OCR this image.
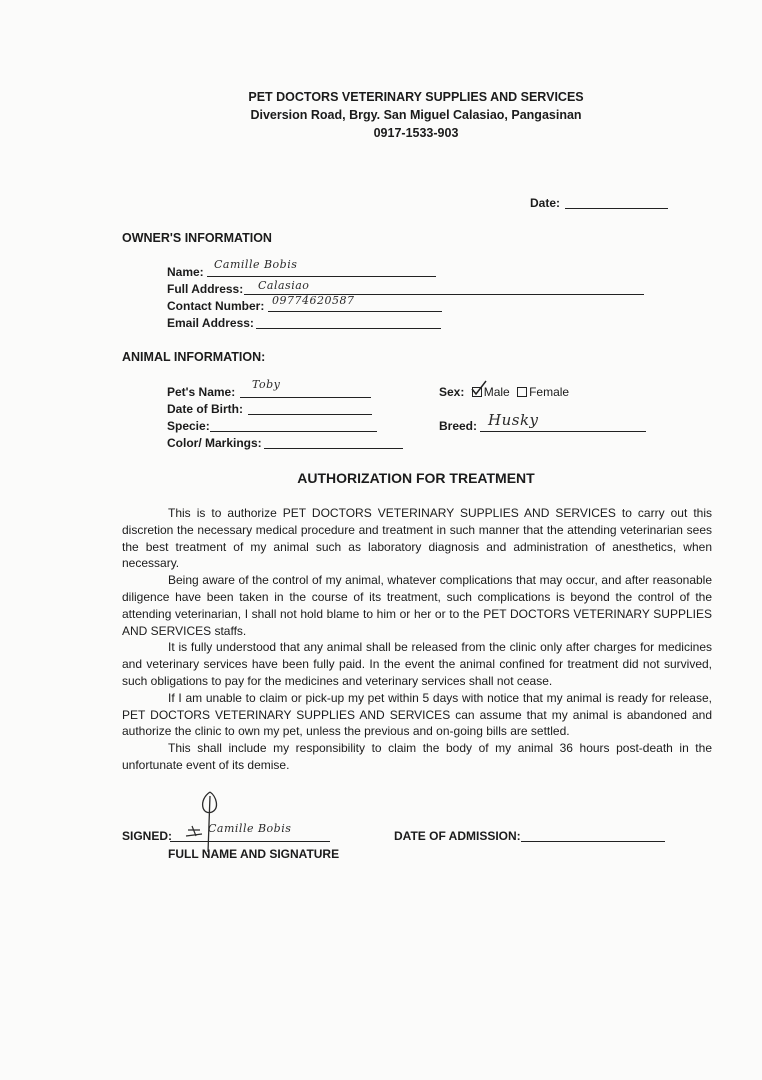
PET DOCTORS VETERINARY SUPPLIES AND SERVICES
Diversion Road, Brgy. San Miguel Calasiao, Pangasinan
0917-1533-903
Date:
OWNER'S INFORMATION
Name:
Camille Bobis
Full Address: Calasiao
Contact Number: 09774620587
Email Address:
ANIMAL INFORMATION:
Pet's Name:
Toby
Date of Birth:
Specie:
Color/ Markings:
Sex: Male Female
Breed: Husky
AUTHORIZATION FOR TREATMENT

This is to authorize PET DOCTORS VETERINARY SUPPLIES AND SERVICES to carry out this discretion the necessary medical procedure and treatment in such manner that the attending veterinarian sees the best treatment of my animal such as laboratory diagnosis and administration of anesthetics, when necessary.

Being aware of the control of my animal, whatever complications that may occur, and after reasonable diligence have been taken in the course of its treatment, such complications is beyond the control of the attending veterinarian, I shall not hold blame to him or her or to the PET DOCTORS VETERINARY SUPPLIES AND SERVICES staffs.

It is fully understood that any animal shall be released from the clinic only after charges for medicines and veterinary services have been fully paid. In the event the animal confined for treatment did not survived, such obligations to pay for the medicines and veterinary services shall not cease.

If I am unable to claim or pick-up my pet within 5 days with notice that my animal is ready for release, PET DOCTORS VETERINARY SUPPLIES AND SERVICES can assume that my animal is abandoned and authorize the clinic to own my pet, unless the previous and on-going bills are settled.

This shall include my responsibility to claim the body of my animal 36 hours post-death in the unfortunate event of its demise.

SIGNED:
Camille Bobis
FULL NAME AND SIGNATURE
DATE OF ADMISSION:
